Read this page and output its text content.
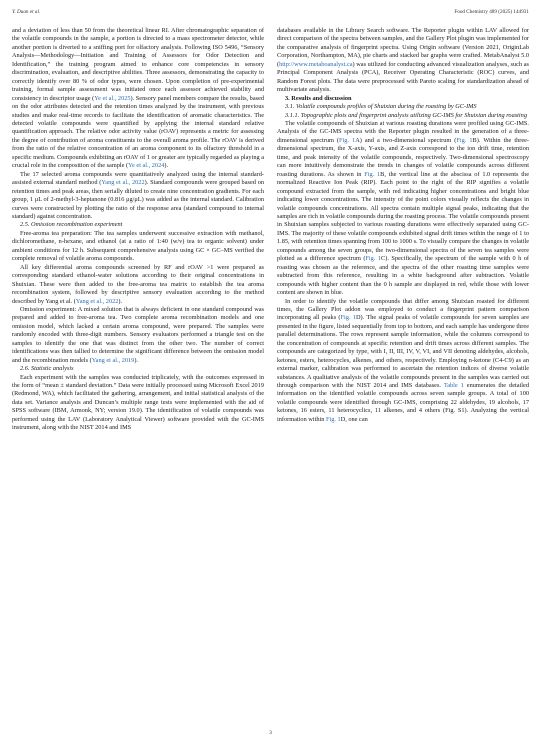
Y. Duan et al.	Food Chemistry 489 (2025) 144931

and a deviation of less than 50 from the theoretical linear RI. After chromatographic separation of the volatile compounds in the sample, a portion is directed to a mass spectrometer detector, while another portion is diverted to a sniffing port for olfactory analysis. Following ISO 5496, “Sensory Analysis—Methodology—Initiation and Training of Assessors for Odor Detection and Identification,” the training program aimed to enhance core competencies in sensory discrimination, evaluation, and descriptive abilities. Three assessors, demonstrating the capacity to correctly identify over 80 % of odor types, were chosen. Upon completion of pre-experimental training, formal sample assessment was initiated once each assessor achieved stability and consistency in descriptor usage (Ye et al., 2025). Sensory panel members compare the results, based on the odor attributes detected and the retention times analyzed by the instrument, with previous studies and make real-time records to facilitate the identification of aromatic characteristics. The detected volatile compounds were quantified by applying the internal standard relative quantification approach. The relative odor activity value (rOAV) represents a metric for assessing the degree of contribution of aroma constituents to the overall aroma profile. The rOAV is derived from the ratio of the relative concentration of an aroma component to its olfactory threshold in a specific medium. Compounds exhibiting an rOAV of 1 or greater are typically regarded as playing a crucial role in the composition of the sample (Ye et al., 2024).

The 17 selected aroma compounds were quantitatively analyzed using the internal standard-assisted external standard method (Yang et al., 2022). Standard compounds were grouped based on retention times and peak areas, then serially diluted to create nine concentration gradients. For each group, 1 μL of 2-methyl-3-heptanone (0.816 μg/μL) was added as the internal standard. Calibration curves were constructed by plotting the ratio of the response area (standard compound to internal standard) against concentration.

2.5. Omission recombination experiment

Free-aroma tea preparation: The tea samples underwent successive extraction with methanol, dichloromethane, n-hexane, and ethanol (at a ratio of 1:40 (w/v) tea to organic solvent) under ambient conditions for 12 h. Subsequent comprehensive analysis using GC × GC–MS verified the complete removal of volatile aroma compounds.

All key differential aroma compounds screened by RF and rOAV >1 were prepared as corresponding standard ethanol-water solutions according to their original concentrations in Shuixian. These were then added to the free-aroma tea matrix to establish the tea aroma recombination system, followed by descriptive sensory evaluation according to the method described by Yang et al. (Yang et al., 2022).

Omission experiment: A mixed solution that is always deficient in one standard compound was prepared and added to free-aroma tea. Two complete aroma recombination models and one omission model, which lacked a certain aroma compound, were prepared. The samples were randomly encoded with three-digit numbers. Sensory evaluators performed a triangle test on the samples to identify the one that was distinct from the other two. The number of correct identifications was then tallied to determine the significant difference between the omission model and the recombination models (Yang et al., 2019).

2.6. Statistic analysis

Each experiment with the samples was conducted triplicately, with the outcomes expressed in the form of “mean ± standard deviation.” Data were initially processed using Microsoft Excel 2019 (Redmond, WA), which facilitated the gathering, arrangement, and initial statistical analysis of the data set. Variance analysis and Duncan’s multiple range tests were implemented with the aid of SPSS software (IBM, Armonk, NY; version 19.0). The identification of volatile compounds was performed using the LAV (Laboratory Analytical Viewer) software provided with the GC-IMS instrument, along with the NIST 2014 and IMS

databases available in the Library Search software. The Reporter plugin within LAV allowed for direct comparison of the spectra between samples, and the Gallery Plot plugin was implemented for the comparative analysis of fingerprint spectra. Using Origin software (Version 2021, OriginLab Corporation, Northampton, MA), pie charts and stacked bar graphs were crafted. MetabAnalyst 5.0 (http://www.metaboanalyst.ca) was utilized for conducting advanced visualization analyses, such as Principal Component Analysis (PCA), Receiver Operating Characteristic (ROC) curves, and Random Forest plots. The data were preprocessed with Pareto scaling for standardization ahead of multivariate analysis.

3. Results and discussion

3.1. Volatile compounds profiles of Shuixian during the roasting by GC-IMS

3.1.1. Topographic plots and fingerprint analysis utilizing GC-IMS for Shuixian during roasting

The volatile compounds of Shuixian at various roasting durations were profiled using GC-IMS. Analysis of the GC-IMS spectra with the Reporter plugin resulted in the generation of a three-dimensional spectrum (Fig. 1A) and a two-dimensional spectrum (Fig. 1B). Within the three-dimensional spectrum, the X-axis, Y-axis, and Z-axis correspond to the ion drift time, retention time, and peak intensity of the volatile compounds, respectively. Two-dimensional spectroscopy can more intuitively demonstrate the trends in changes of volatile compounds across different roasting durations. As shown in Fig. 1B, the vertical line at the abscissa of 1.0 represents the normalized Reactive Ion Peak (RIP). Each point to the right of the RIP signifies a volatile compound extracted from the sample, with red indicating higher concentrations and bright blue indicating lower concentrations. The intensity of the point colors visually reflects the changes in volatile compounds concentrations. All spectra contain multiple signal peaks, indicating that the samples are rich in volatile compounds during the roasting process. The volatile compounds present in Shuixian samples subjected to various roasting durations were effectively separated using GC-IMS. The majority of these volatile compounds exhibited signal drift times within the range of 1 to 1.85, with retention times spanning from 100 to 1000 s. To visually compare the changes in volatile compounds among the seven groups, the two-dimensional spectra of the seven tea samples were plotted as a difference spectrum (Fig. 1C). Specifically, the spectrum of the sample with 0 h of roasting was chosen as the reference, and the spectra of the other roasting time samples were subtracted from this reference, resulting in a white background after subtraction. Volatile compounds with higher content than the 0 h sample are displayed in red, while those with lower content are shown in blue.

In order to identify the volatile compounds that differ among Shuixian roasted for different times, the Gallery Plot addon was employed to conduct a fingerprint pattern comparison incorporating all peaks (Fig. 1D). The signal peaks of volatile compounds for seven samples are presented in the figure, listed sequentially from top to bottom, and each sample has undergone three parallel determinations. The rows represent sample information, while the columns correspond to the concentration of compounds at specific retention and drift times across different samples. The compounds are categorized by type, with I, II, III, IV, V, VI, and VII denoting aldehydes, alcohols, ketones, esters, heterocycles, alkenes, and others, respectively. Employing n-ketone (C4-C9) as an external marker, calibration was performed to ascertain the retention indices of diverse volatile substances. A qualitative analysis of the volatile compounds present in the samples was carried out through comparison with the NIST 2014 and IMS databases. Table 1 enumerates the detailed information on the identified volatile compounds across seven sample groups. A total of 100 volatile compounds were identified through GC-IMS, comprising 22 aldehydes, 19 alcohols, 17 ketones, 16 esters, 11 heterocyclics, 11 alkenes, and 4 others (Fig. S1). Analyzing the vertical information within Fig. 1D, one can

3
